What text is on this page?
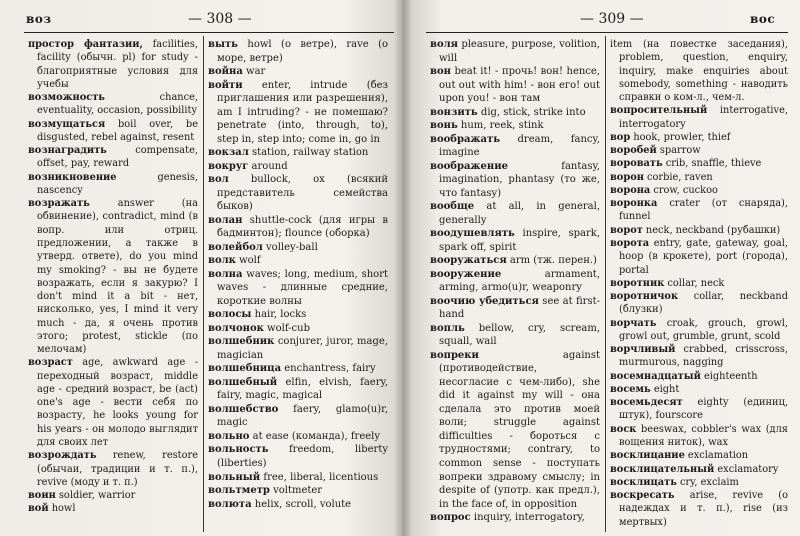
воз	— 308 —

простор фантазии, facilities, facility (обычн. pl) for study - благоприятные условия для учебы

возможность chance, eventuality, occasion, possibility

возмущаться boil over, be disgusted, rebel against, resent

вознаградить compensate, offset, pay, reward

возникновение genesis, nascency

возражать answer (на обвинение), contradict, mind (в вопр. или отриц. предложении, а также в утверд. ответе), do you mind my smoking? - вы не будете возражать, если я закурю? I don't mind it a bit - нет, нисколько, yes, I mind it very much - да, я очень против этого; protest, stickle (по мелочам)

возраст age, awkward age - переходный возраст, middle age - средний возраст, be (act) one's age - вести себя по возрасту, he looks young for his years - он молодо выглядит для своих лет

возрождать renew, restore (обычаи, традиции и т. п.), revive (моду и т. п.)

воин soldier, warrior

вой howl

выть howl (о ветре), rave (о море, ветре)

война war

войти enter, intrude (без приглашения или разрешения), am I intruding? - не помешаю? penetrate (into, through, to), step in, step into; come in, go in

вокзал station, railway station

вокруг around

вол bullock, ox (всякий представитель семейства быков)

волан shuttle-cock (для игры в бадминтон); flounce (оборка)

волейбол volley-ball

волк wolf

волна waves; long, medium, short waves - длинные средние, короткие волны

волосы hair, locks

волчонок wolf-cub

волшебник conjurer, juror, mage, magician

волшебница enchantress, fairy

волшебный elfin, elvish, faery, fairy, magic, magical

волшебство faery, glamo(u)r, magic

вольно at ease (команда), freely

вольность freedom, liberty (liberties)

вольный free, liberal, licentious

вольтметр voltmeter

волюта helix, scroll, volute

— 309 —	вос

воля pleasure, purpose, volition, will

вон beat it! - прочь! вон! hence, out out with him! - вон его! out upon you! - вон там

вонзить dig, stick, strike into

вонь hum, reek, stink

воображать dream, fancy, imagine

воображение fantasy, imagination, phantasy (то же, что fantasy)

вообще at all, in general, generally

воодушевлять inspire, spark, spark off, spirit

вооружаться arm (тж. перен.)

вооружение armament, arming, armo(u)r, weaponry

воочию убедиться see at first-hand

вопль bellow, cry, scream, squall, wail

вопреки against (противодействие, несогласие с чем-либо), she did it against my will - она сделала это против моей воли; struggle against difficulties - бороться с трудностями; contrary, to common sense - поступать вопреки здравому смыслу; in despite of (употр. как предл.), in the face of, in opposition

вопрос inquiry, interrogatory,

item (на повестке заседания), problem, question, enquiry, inquiry, make enquiries about somebody, something - наводить справки о ком-л., чем-л.

вопросительный interrogative, interrogatory

вор hook, prowler, thief

воробей sparrow

воровать crib, snaffle, thieve

ворон corbie, raven

ворона crow, cuckoo

воронка crater (от снаряда), funnel

ворот neck, neckband (рубашки)

ворота entry, gate, gateway, goal, hoop (в крокете), port (города), portal

воротник collar, neck

воротничок collar, neckband (блузки)

ворчать croak, grouch, growl, growl out, grumble, grunt, scold

ворчливый crabbed, crisscross, murmurous, nagging

восемнадцатый eighteenth

восемь eight

восемьдесят eighty (единиц, штук), fourscore

воск beeswax, cobbler's wax (для вощения ниток), wax

восклицание exclamation

восклицательный exclamatory

восклицать cry, exclaim

воскресать arise, revive (о надеждах и т. п.), rise (из мертвых)
